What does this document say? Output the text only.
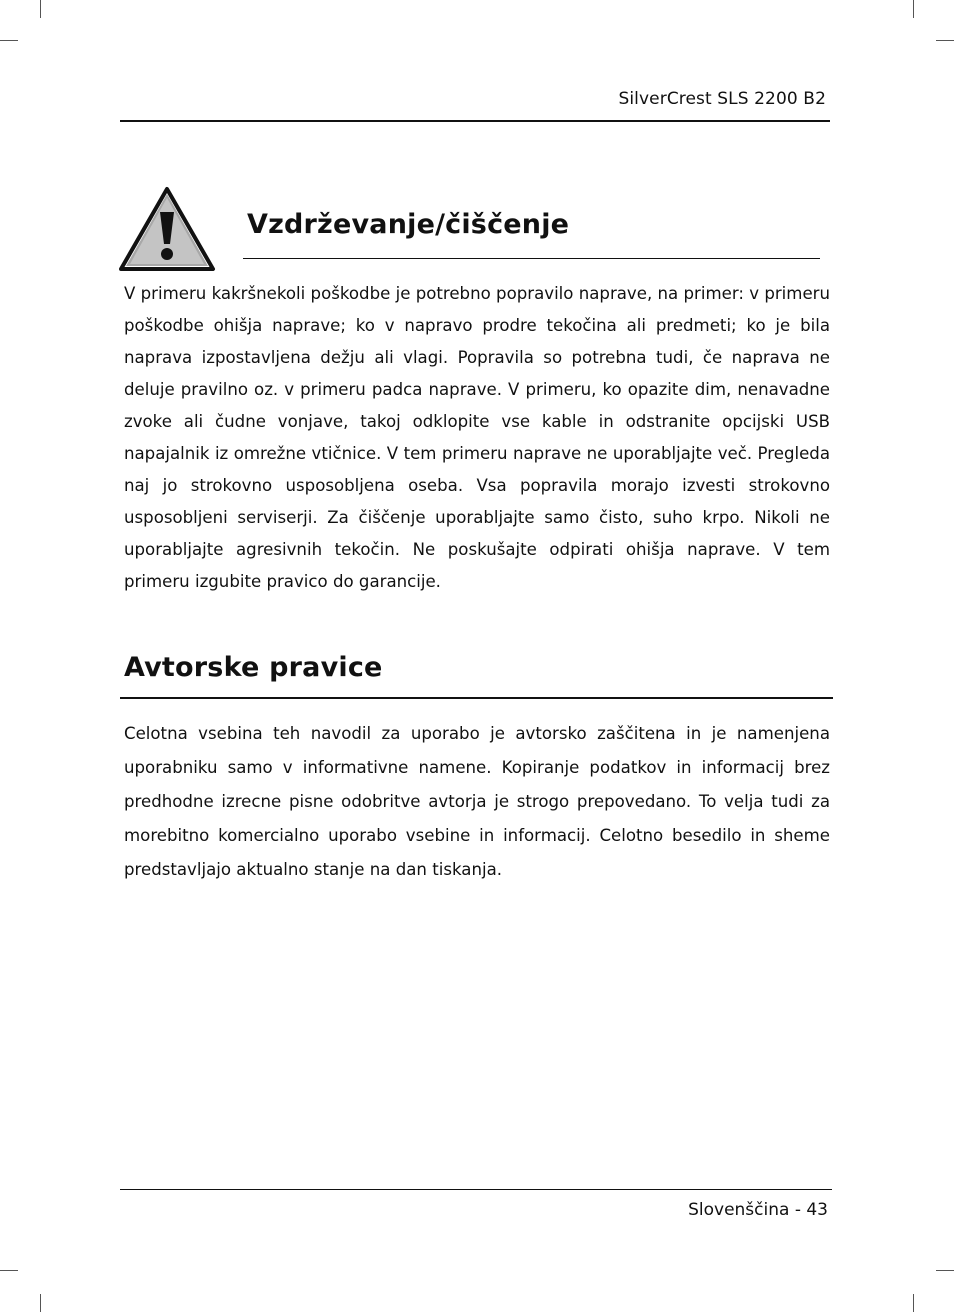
SilverCrest SLS 2200 B2
Vzdrževanje/čiščenje

V primeru kakršnekoli poškodbe je potrebno popravilo naprave, na primer: v primeru poškodbe ohišja naprave; ko v napravo prodre tekočina ali predmeti; ko je bila naprava izpostavljena dežju ali vlagi. Popravila so potrebna tudi, če naprava ne deluje pravilno oz. v primeru padca naprave. V primeru, ko opazite dim, nenavadne zvoke ali čudne vonjave, takoj odklopite vse kable in odstranite opcijski USB napajalnik iz omrežne vtičnice. V tem primeru naprave ne uporabljajte več. Pregleda naj jo strokovno usposobljena oseba. Vsa popravila morajo izvesti strokovno usposobljeni serviserji. Za čiščenje uporabljajte samo čisto, suho krpo. Nikoli ne uporabljajte agresivnih tekočin. Ne poskušajte odpirati ohišja naprave. V tem primeru izgubite pravico do garancije.

Avtorske pravice

Celotna vsebina teh navodil za uporabo je avtorsko zaščitena in je namenjena uporabniku samo v informativne namene. Kopiranje podatkov in informacij brez predhodne izrecne pisne odobritve avtorja je strogo prepovedano. To velja tudi za morebitno komercialno uporabo vsebine in informacij. Celotno besedilo in sheme predstavljajo aktualno stanje na dan tiskanja.

Slovenščina - 43
